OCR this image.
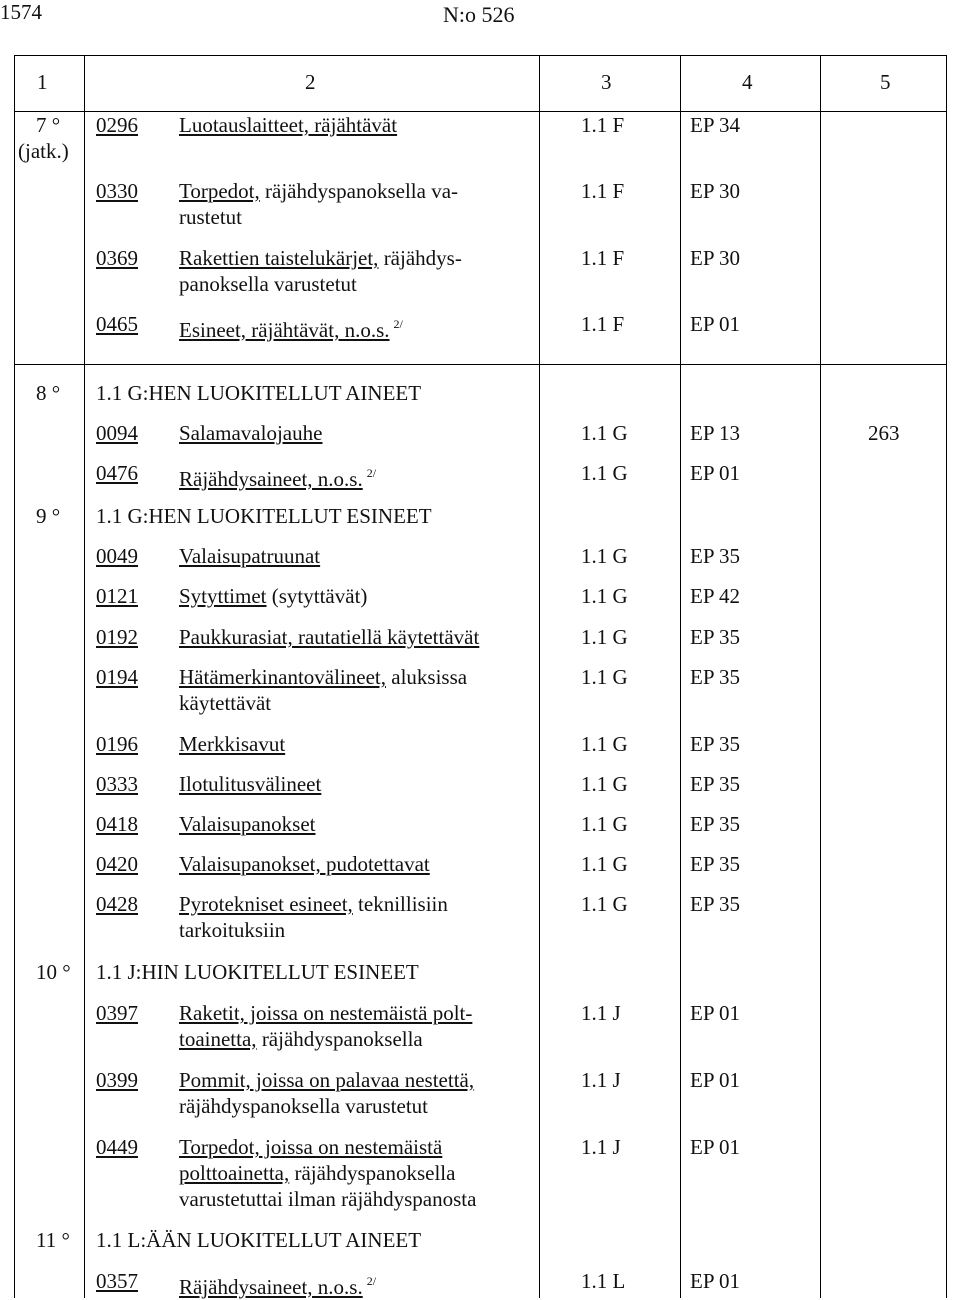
1574	N:o 526
1	2	3	4	5
7 °
(jatk.)
0296 Luotauslaitteet, räjähtävät	1.1 F	EP 34
0330 Torpedot, räjähdyspanoksella va-
rustetut
1.1 F	EP 30
0369 Rakettien taistelukärjet, räjähdys-
panoksella varustetut
1.1 F	EP 30
0465 Esineet, räjähtävät, n.o.s. $^{2/}$	1.1 F	EP 01
8 ° 1.1 G:HEN LUOKITELLUT AINEET
0094 Salamavalojauhe	1.1 G	EP 13	263
0476 Räjähdysaineet, n.o.s. $^{2/}$	1.1 G	EP 01
9 ° 1.1 G:HEN LUOKITELLUT ESINEET
0049 Valaisupatruunat	1.1 G	EP 35
0121 Sytyttimet (sytyttävät)	1.1 G	EP 42
0192 Paukkurasiat, rautatiellä käytettävät	1.1 G	EP 35
0194 Hätämerkinantovälineet, aluksissa
käytettävät
1.1 G	EP 35
0196 Merkkisavut	1.1 G	EP 35
0333 Ilotulitusvälineet	1.1 G	EP 35
0418 Valaisupanokset	1.1 G	EP 35
0420 Valaisupanokset, pudotettavat	1.1 G	EP 35
0428 Pyrotekniset esineet, teknillisiin
tarkoituksiin
1.1 G	EP 35
10 ° 1.1 J:HIN LUOKITELLUT ESINEET
0397 Raketit, joissa on nestemäistä polt-
toainetta, räjähdyspanoksella
1.1 J	EP 01
0399 Pommit, joissa on palavaa nestettä,
räjähdyspanoksella varustetut
1.1 J	EP 01
0449 Torpedot, joissa on nestemäistä
polttoainetta, räjähdyspanoksella
varustetuttai ilman räjähdyspanosta
1.1 J	EP 01
11 ° 1.1 L:ÄÄN LUOKITELLUT AINEET
0357 Räjähdysaineet, n.o.s. $^{2/}$	1.1 L	EP 01
